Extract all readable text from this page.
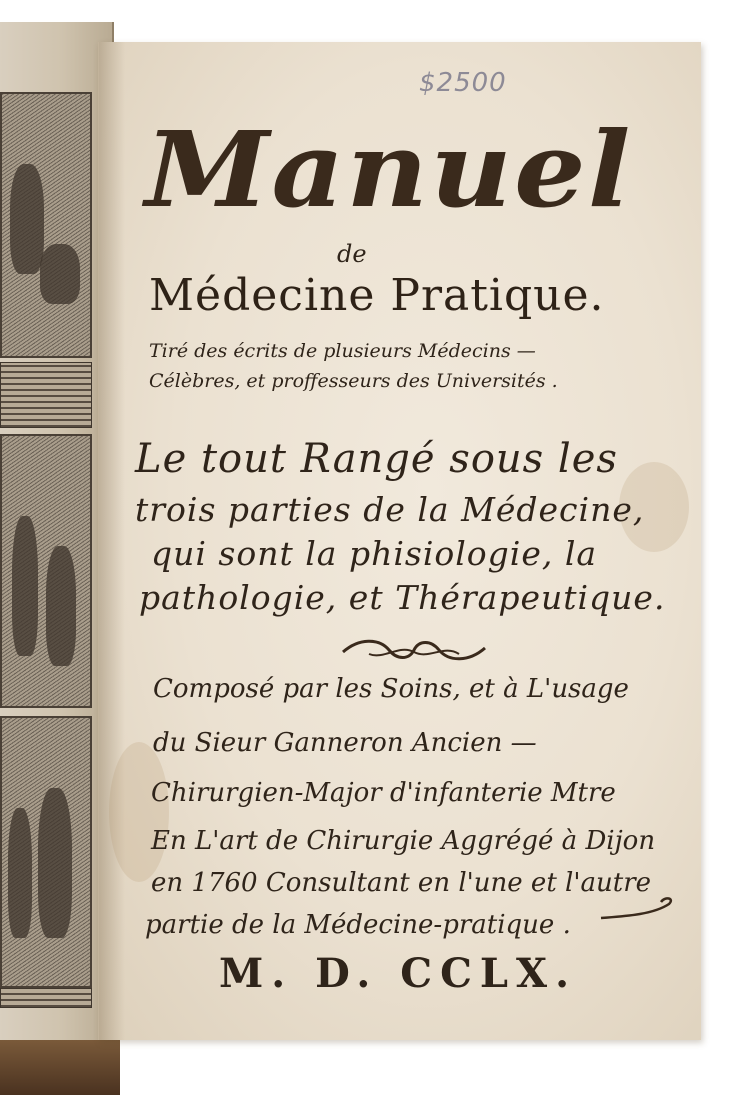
$2500
Manuel
de
Médecine Pratique.
Tiré des écrits de plusieurs Médecins —
Célèbres, et proffesseurs des Universités .
Le tout Rangé sous les
trois parties de la Médecine,
qui sont la phisiologie, la
pathologie, et Thérapeutique.
Composé par les Soins, et à L'usage
du Sieur Ganneron Ancien —
Chirurgien-Major d'infanterie Mtre
En L'art de Chirurgie Aggrégé à Dijon
en 1760 Consultant en l'une et l'autre
partie de la Médecine-pratique .
M. D. CCLX.
